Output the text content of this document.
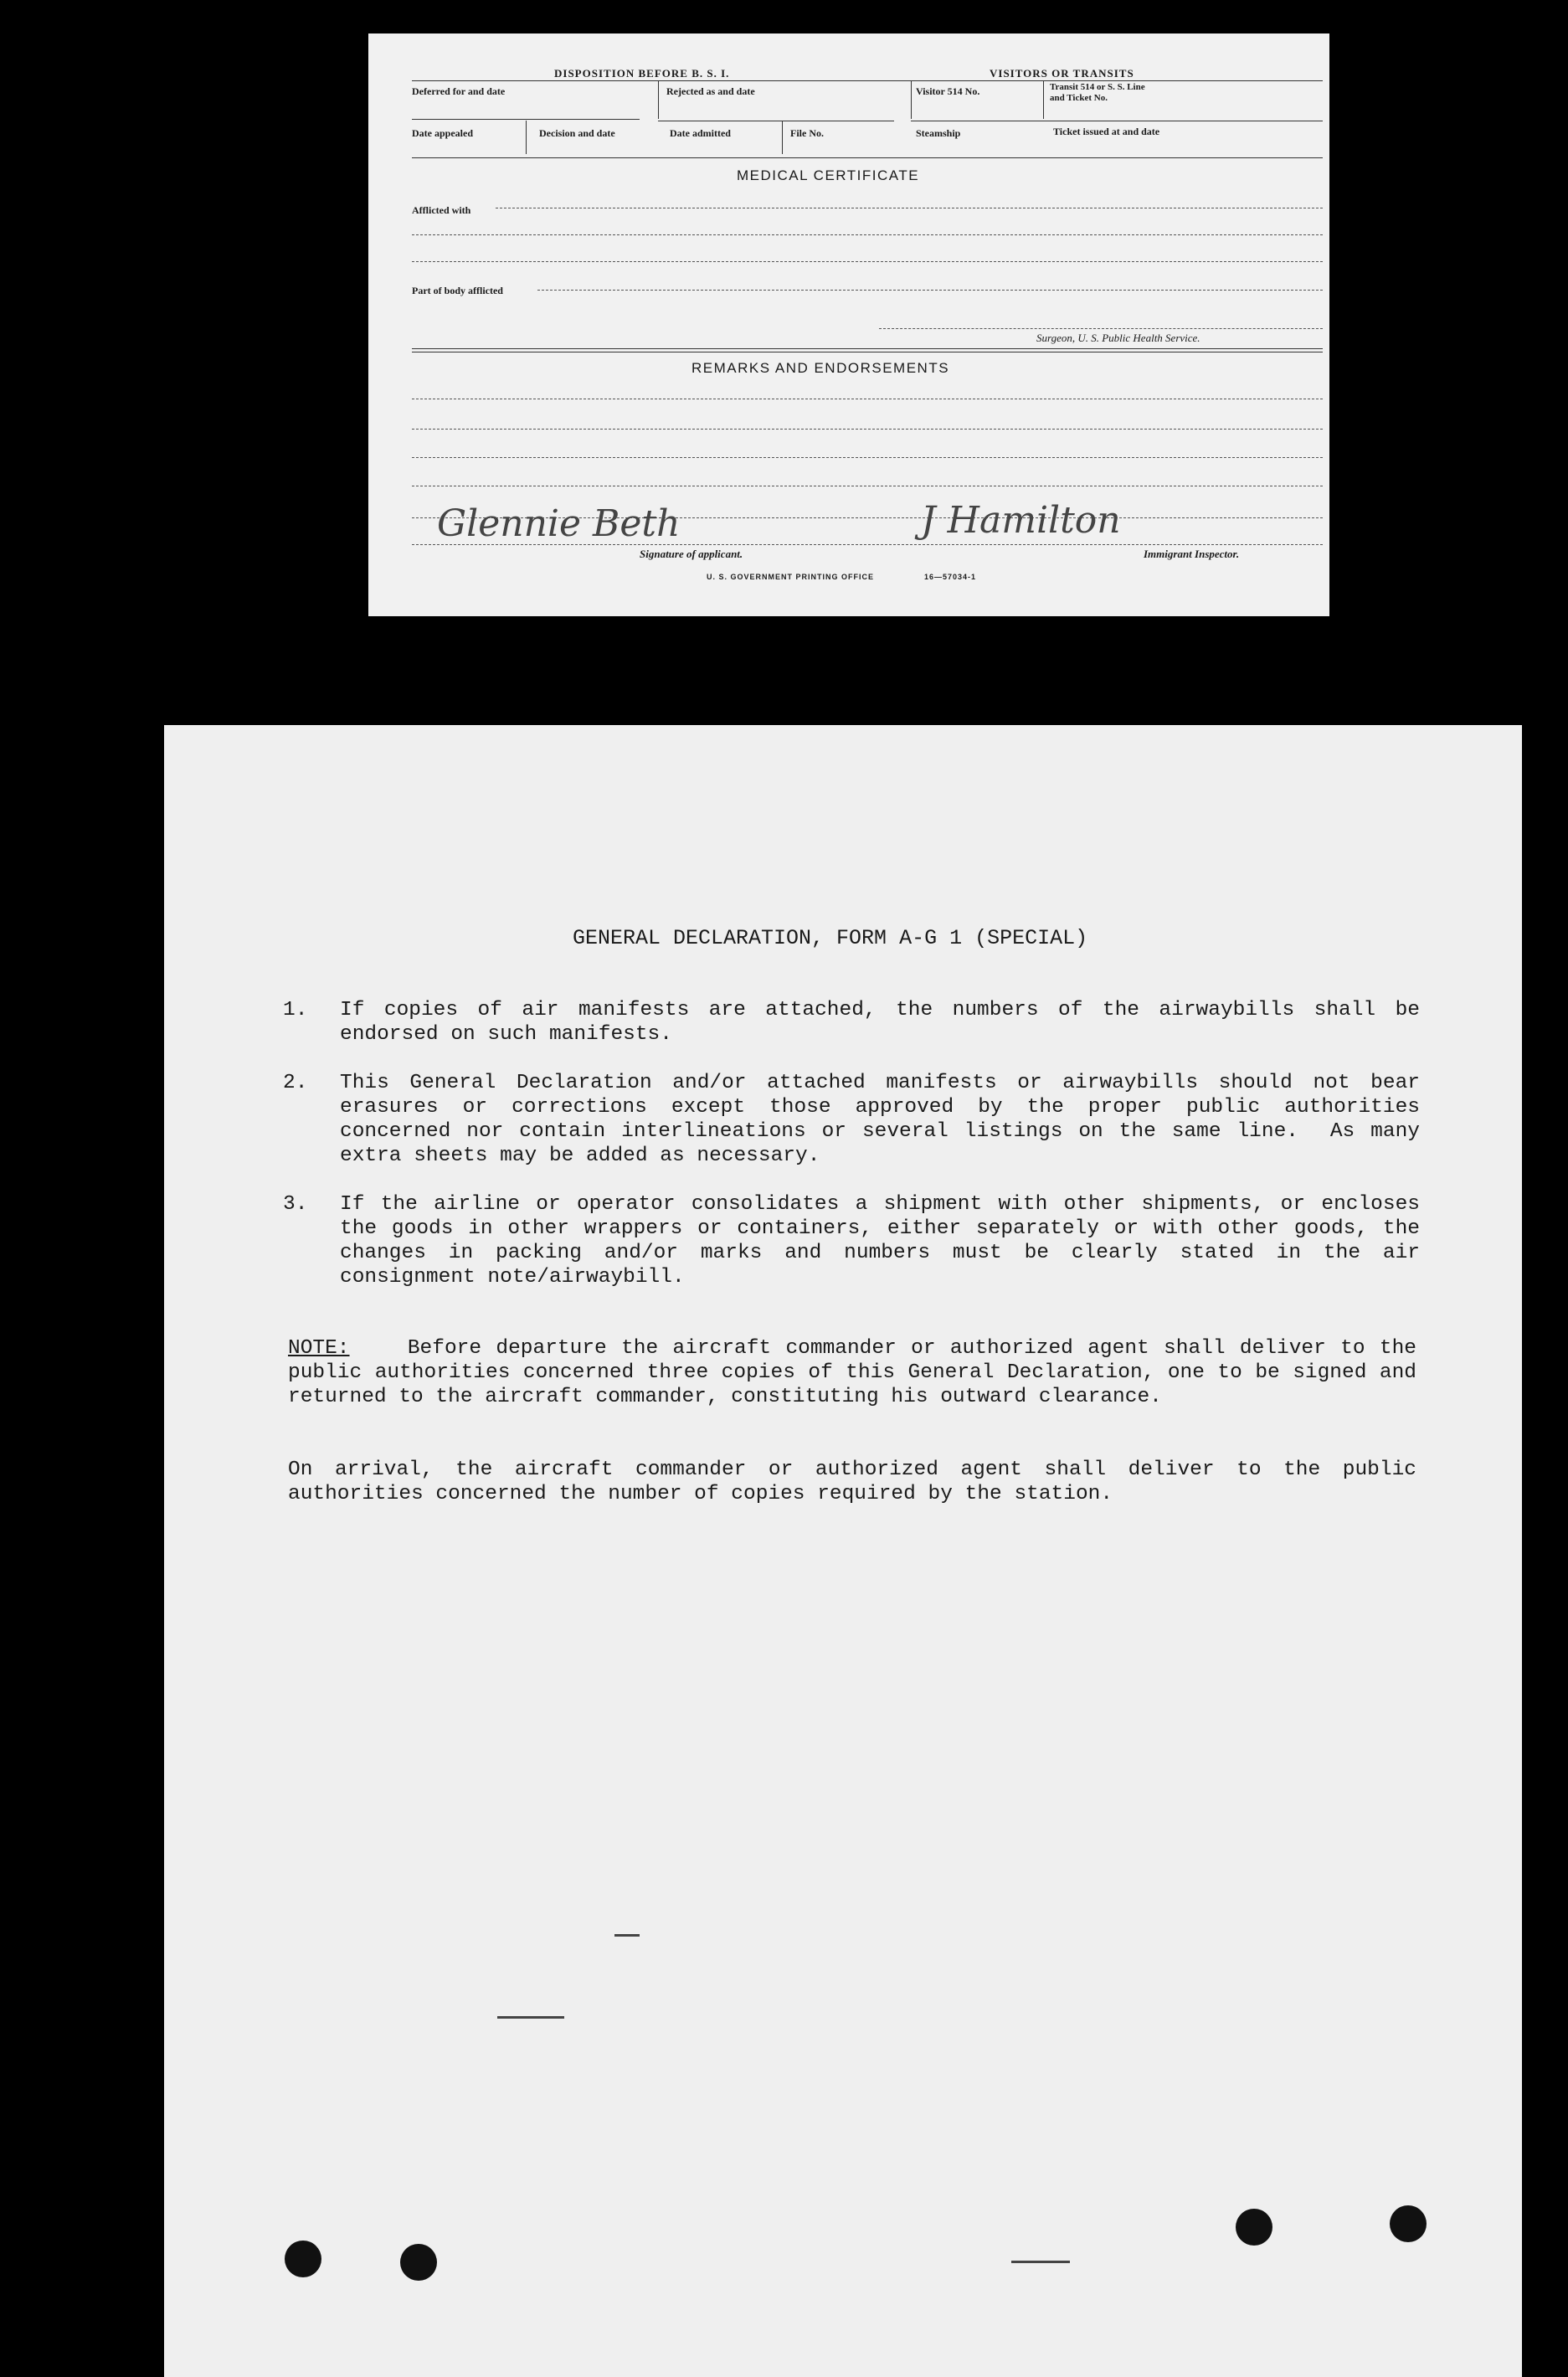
DISPOSITION BEFORE B. S. I.	VISITORS OR TRANSITS
Deferred for and date	Rejected as and date	Visitor 514 No.	Transit 514 or S. S. Line
and Ticket No.
Date appealed	Decision and date	Date admitted	File No.	Steamship	Ticket issued at and date
MEDICAL CERTIFICATE
Afflicted with
Part of body afflicted
Surgeon, U. S. Public Health Service.
REMARKS AND ENDORSEMENTS
Glennie Beth	J Hamilton
Signature of applicant.	Immigrant Inspector.
U. S. GOVERNMENT PRINTING OFFICE	16—57034-1
GENERAL DECLARATION, FORM A-G 1 (SPECIAL)
1. If copies of air manifests are attached, the numbers of the airwaybills shall be endorsed on such manifests.
2. This General Declaration and/or attached manifests or airwaybills should not bear erasures or corrections except those approved by the proper public authorities concerned nor contain interlineations or several listings on the same line.  As many extra sheets may be added as necessary.
3. If the airline or operator consolidates a shipment with other shipments, or encloses the goods in other wrappers or containers, either separately or with other goods, the changes in packing and/or marks and numbers must be clearly stated in the air consignment note/airwaybill.
NOTE:	Before departure the aircraft commander or authorized agent shall deliver to the public authorities concerned three copies of this General Declaration, one to be signed and returned to the aircraft commander, constituting his outward clearance.
On arrival, the aircraft commander or authorized agent shall deliver to the public authorities concerned the number of copies required by the station.
